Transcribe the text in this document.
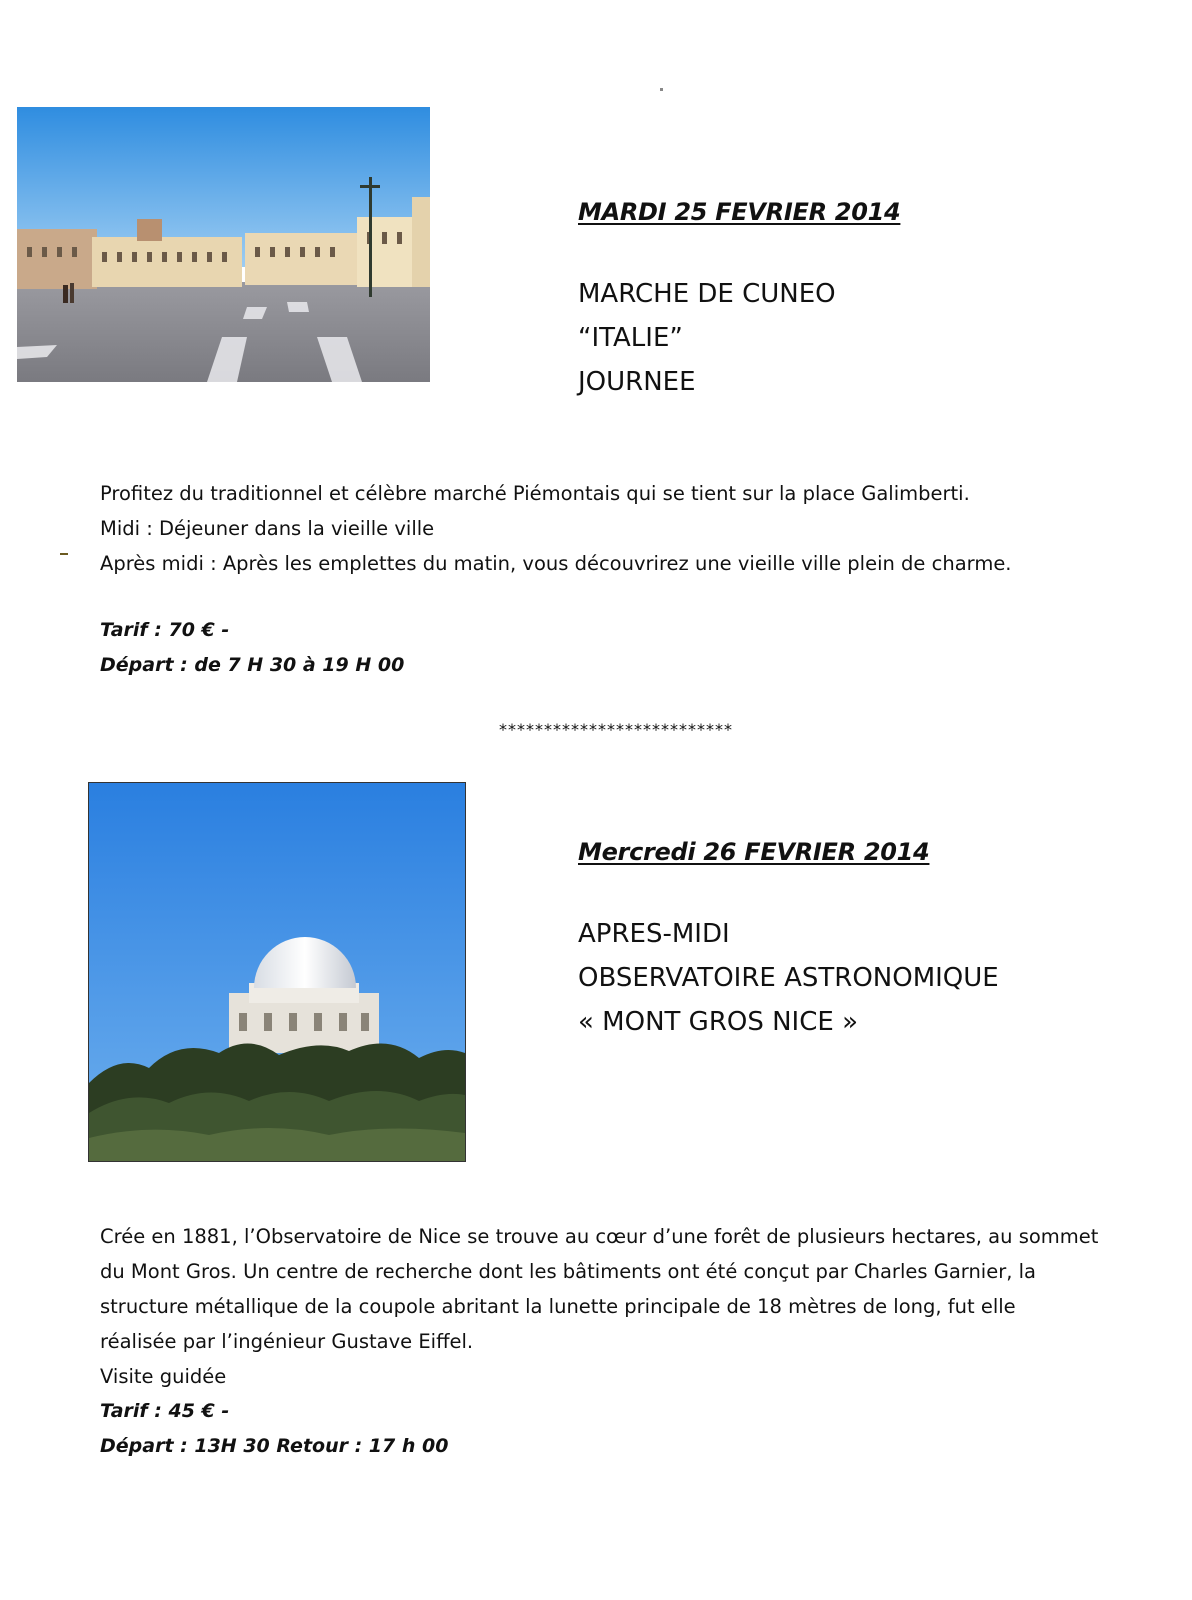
MARDI 25 FEVRIER 2014
MARCHE DE CUNEO
“ITALIE”
JOURNEE
Profitez du traditionnel et célèbre marché Piémontais qui se tient sur la place Galimberti.
Midi : Déjeuner dans la vieille ville
Après midi : Après les emplettes du matin, vous découvrirez une vieille ville plein de charme.
Tarif : 70 € -
Départ : de 7 H 30 à 19 H 00
**************************
Mercredi 26 FEVRIER 2014
APRES-MIDI
OBSERVATOIRE ASTRONOMIQUE
« MONT GROS NICE »
Crée en 1881, l’Observatoire de Nice se trouve au cœur d’une forêt de plusieurs hectares, au sommet
du Mont Gros. Un centre de recherche dont les bâtiments ont été conçut par Charles Garnier, la
structure métallique de la coupole abritant la lunette principale de 18 mètres de long, fut elle
réalisée par l’ingénieur Gustave Eiffel.
Visite guidée
Tarif : 45 € -
Départ : 13H 30 Retour : 17 h 00
